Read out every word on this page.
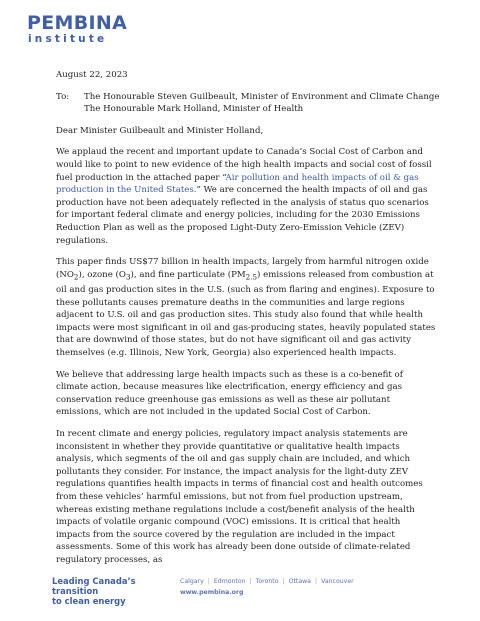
PEMBINA
institute
August 22, 2023
To:	The Honourable Steven Guilbeault, Minister of Environment and Climate Change
The Honourable Mark Holland, Minister of Health
Dear Minister Guilbeault and Minister Holland,

We applaud the recent and important update to Canada’s Social Cost of Carbon and would like to point to new evidence of the high health impacts and social cost of fossil fuel production in the attached paper “Air pollution and health impacts of oil & gas production in the United States.” We are concerned the health impacts of oil and gas production have not been adequately reflected in the analysis of status quo scenarios for important federal climate and energy policies, including for the 2030 Emissions Reduction Plan as well as the proposed Light-Duty Zero-Emission Vehicle (ZEV) regulations.

This paper finds US$77 billion in health impacts, largely from harmful nitrogen oxide $(NO_2)$, ozone $(O_3)$, and fine particulate $(PM_{2.5})$ emissions released from combustion at oil and gas production sites in the U.S. (such as from flaring and engines). Exposure to these pollutants causes premature deaths in the communities and large regions adjacent to U.S. oil and gas production sites. This study also found that while health impacts were most significant in oil and gas-producing states, heavily populated states that are downwind of those states, but do not have significant oil and gas activity themselves (e.g. Illinois, New York, Georgia) also experienced health impacts.

We believe that addressing large health impacts such as these is a co-benefit of climate action, because measures like electrification, energy efficiency and gas conservation reduce greenhouse gas emissions as well as these air pollutant emissions, which are not included in the updated Social Cost of Carbon.

In recent climate and energy policies, regulatory impact analysis statements are inconsistent in whether they provide quantitative or qualitative health impacts analysis, which segments of the oil and gas supply chain are included, and which pollutants they consider. For instance, the impact analysis for the light-duty ZEV regulations quantifies health impacts in terms of financial cost and health outcomes from these vehicles’ harmful emissions, but not from fuel production upstream, whereas existing methane regulations include a cost/benefit analysis of the health impacts of volatile organic compound (VOC) emissions. It is critical that health impacts from the source covered by the regulation are included in the impact assessments. Some of this work has already been done outside of climate-related regulatory processes, as

Leading Canada’s transition
to clean energy
Calgary | Edmonton | Toronto | Ottawa | Vancouver
www.pembina.org
